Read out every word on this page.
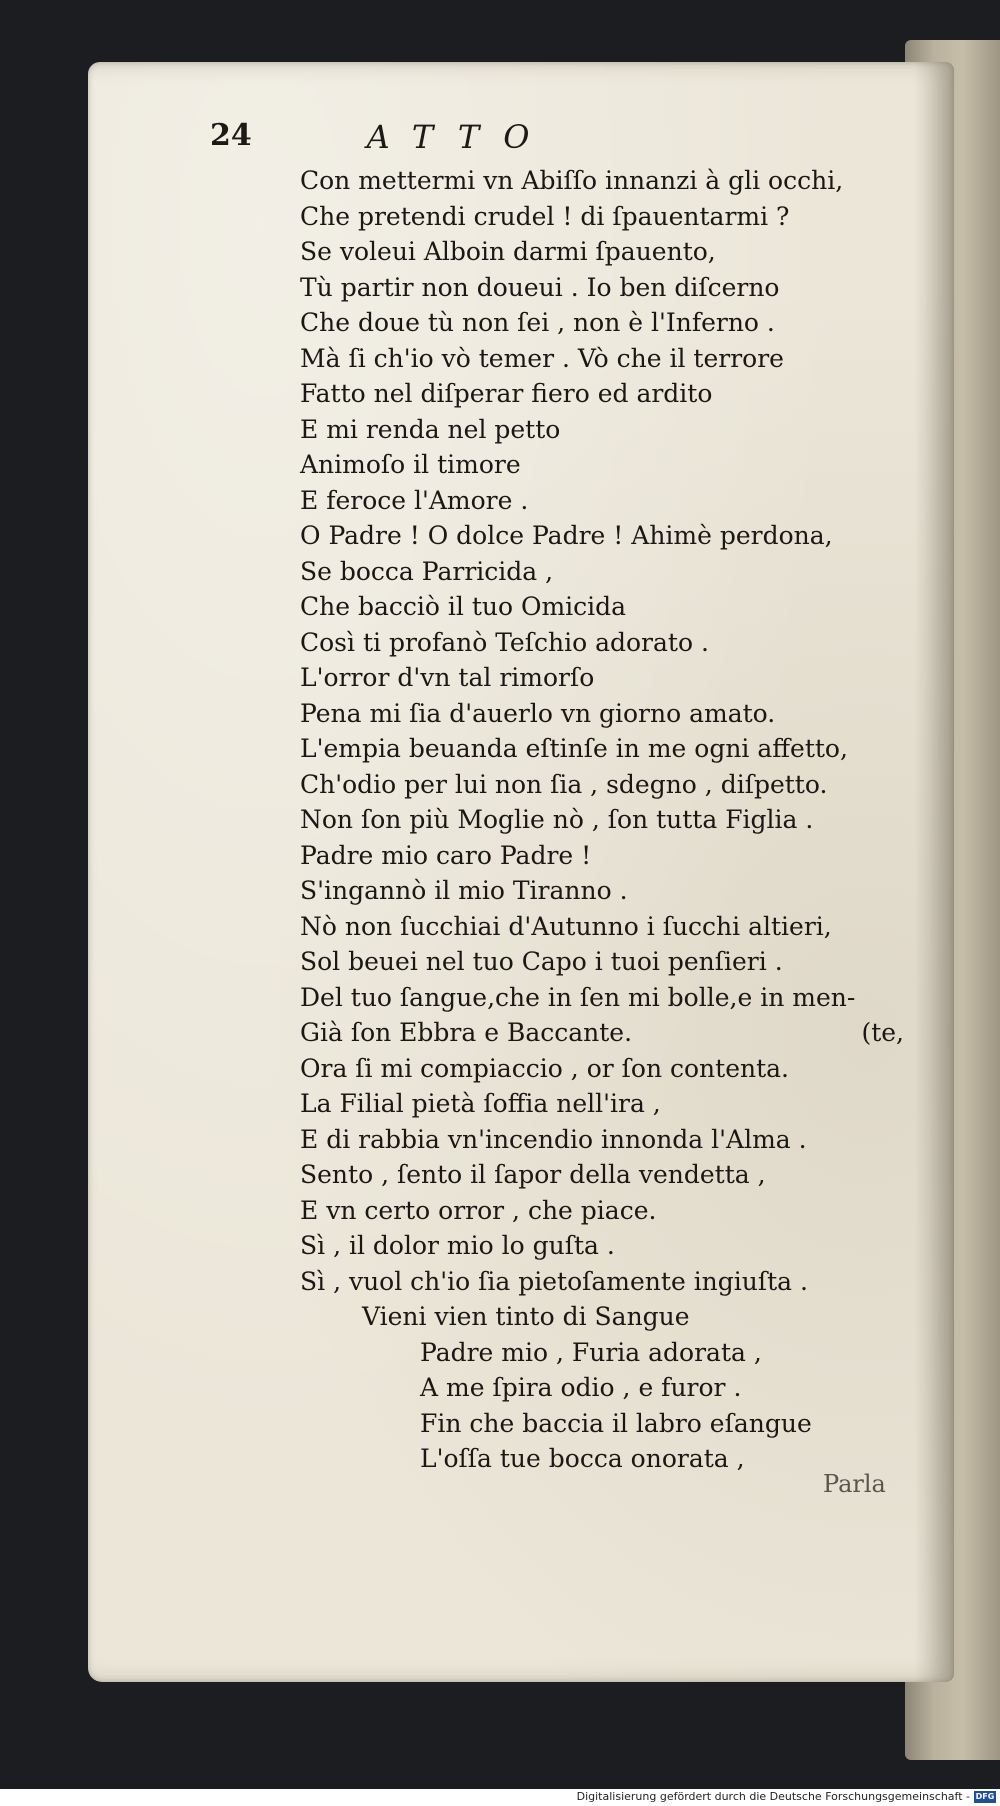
24	ATTO
Con mettermi vn Abiſſo innanzi à gli occhi,
Che pretendi crudel ! di ſpauentarmi ?
Se voleui Alboin darmi ſpauento,
Tù partir non doueui . Io ben diſcerno
Che doue tù non ſei , non è l'Inferno .
Mà ſi ch'io vò temer . Vò che il terrore
Fatto nel diſperar fiero ed ardito
E mi renda nel petto
Animoſo il timore
E feroce l'Amore .
O Padre ! O dolce Padre ! Ahimè perdona,
Se bocca Parricida ,
Che bacciò il tuo Omicida
Così ti profanò Teſchio adorato .
L'orror d'vn tal rimorſo
Pena mi ſia d'auerlo vn giorno amato.
L'empia beuanda eſtinſe in me ogni affetto,
Ch'odio per lui non ſia , sdegno , diſpetto.
Non ſon più Moglie nò , ſon tutta Figlia .
Padre mio caro Padre !
S'ingannò il mio Tiranno .
Nò non ſucchiai d'Autunno i ſucchi altieri,
Sol beuei nel tuo Capo i tuoi penſieri .
Del tuo ſangue,che in ſen mi bolle,e in men-
Già ſon Ebbra e Baccante.	(te,
Ora ſi mi compiaccio , or ſon contenta.
La Filial pietà ſoffia nell'ira ,
E di rabbia vn'incendio innonda l'Alma .
Sento , ſento il ſapor della vendetta ,
E vn certo orror , che piace.
Sì , il dolor mio lo guſta .
Sì , vuol ch'io ſia pietoſamente ingiuſta .
Vieni vien tinto di Sangue
Padre mio , Furia adorata ,
A me ſpira odio , e furor .
Fin che baccia il labro eſangue
L'oſſa tue bocca onorata ,
Parla
Digitalisierung gefördert durch die Deutsche Forschungsgemeinschaft - DFG
